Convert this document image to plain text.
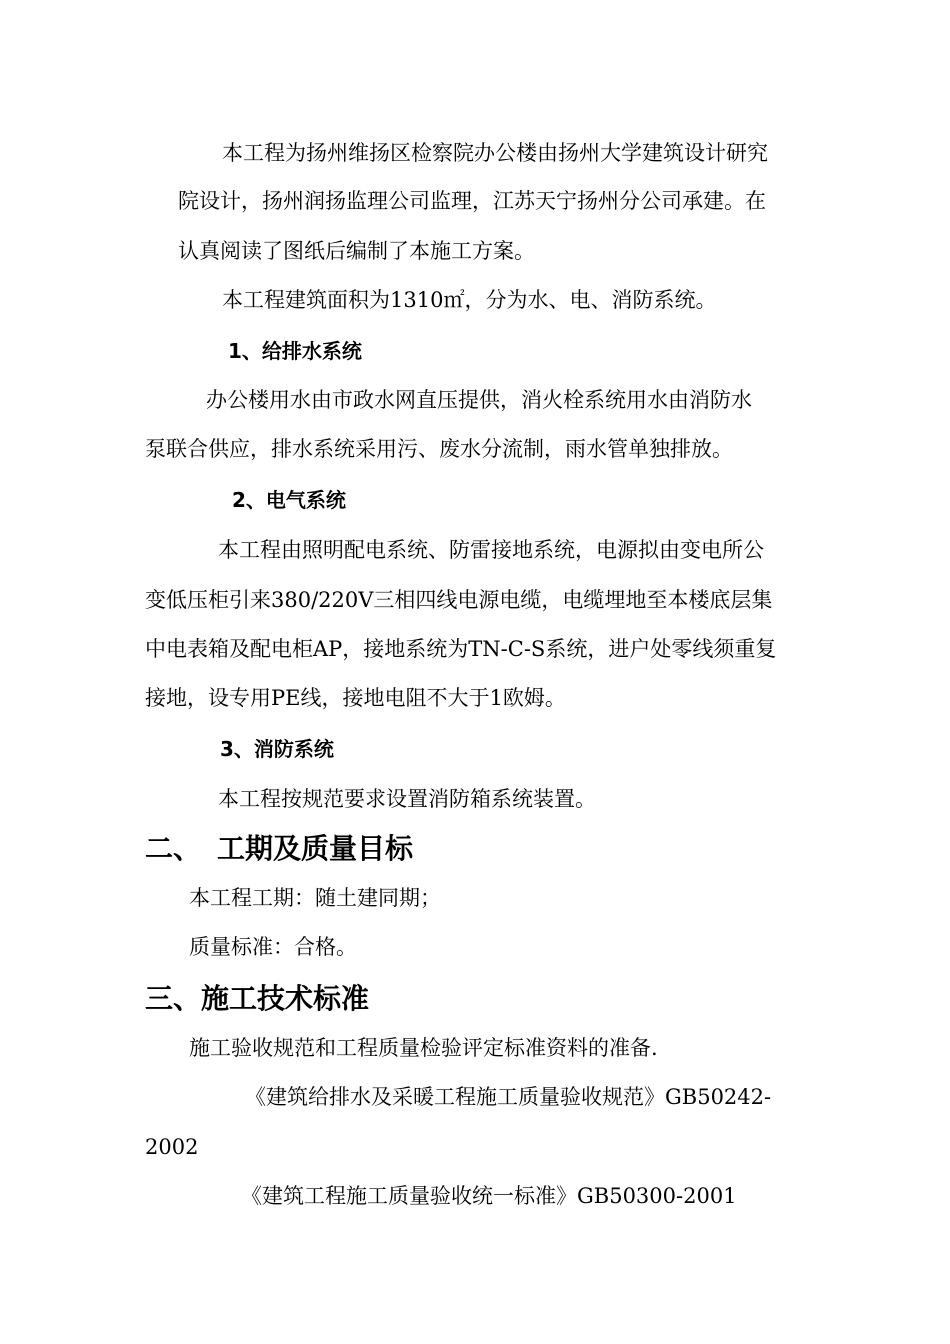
本工程为扬州维扬区检察院办公楼由扬州大学建筑设计研究
院设计，扬州润扬监理公司监理，江苏天宁扬州分公司承建。在
认真阅读了图纸后编制了本施工方案。
本工程建筑面积为1310㎡，分为水、电、消防系统。
1、给排水系统
办公楼用水由市政水网直压提供，消火栓系统用水由消防水
泵联合供应，排水系统采用污、废水分流制，雨水管单独排放。
2、电气系统
本工程由照明配电系统、防雷接地系统，电源拟由变电所公
变低压柜引来380/220V三相四线电源电缆，电缆埋地至本楼底层集
中电表箱及配电柜AP，接地系统为TN-C-S系统，进户处零线须重复
接地，设专用PE线，接地电阻不大于1欧姆。
3、消防系统
本工程按规范要求设置消防箱系统装置。
二、 工期及质量目标
本工程工期：随土建同期；
质量标准：合格。
三、施工技术标准
施工验收规范和工程质量检验评定标准资料的准备.
《建筑给排水及采暖工程施工质量验收规范》GB50242-
2002
《建筑工程施工质量验收统一标准》GB50300-2001
